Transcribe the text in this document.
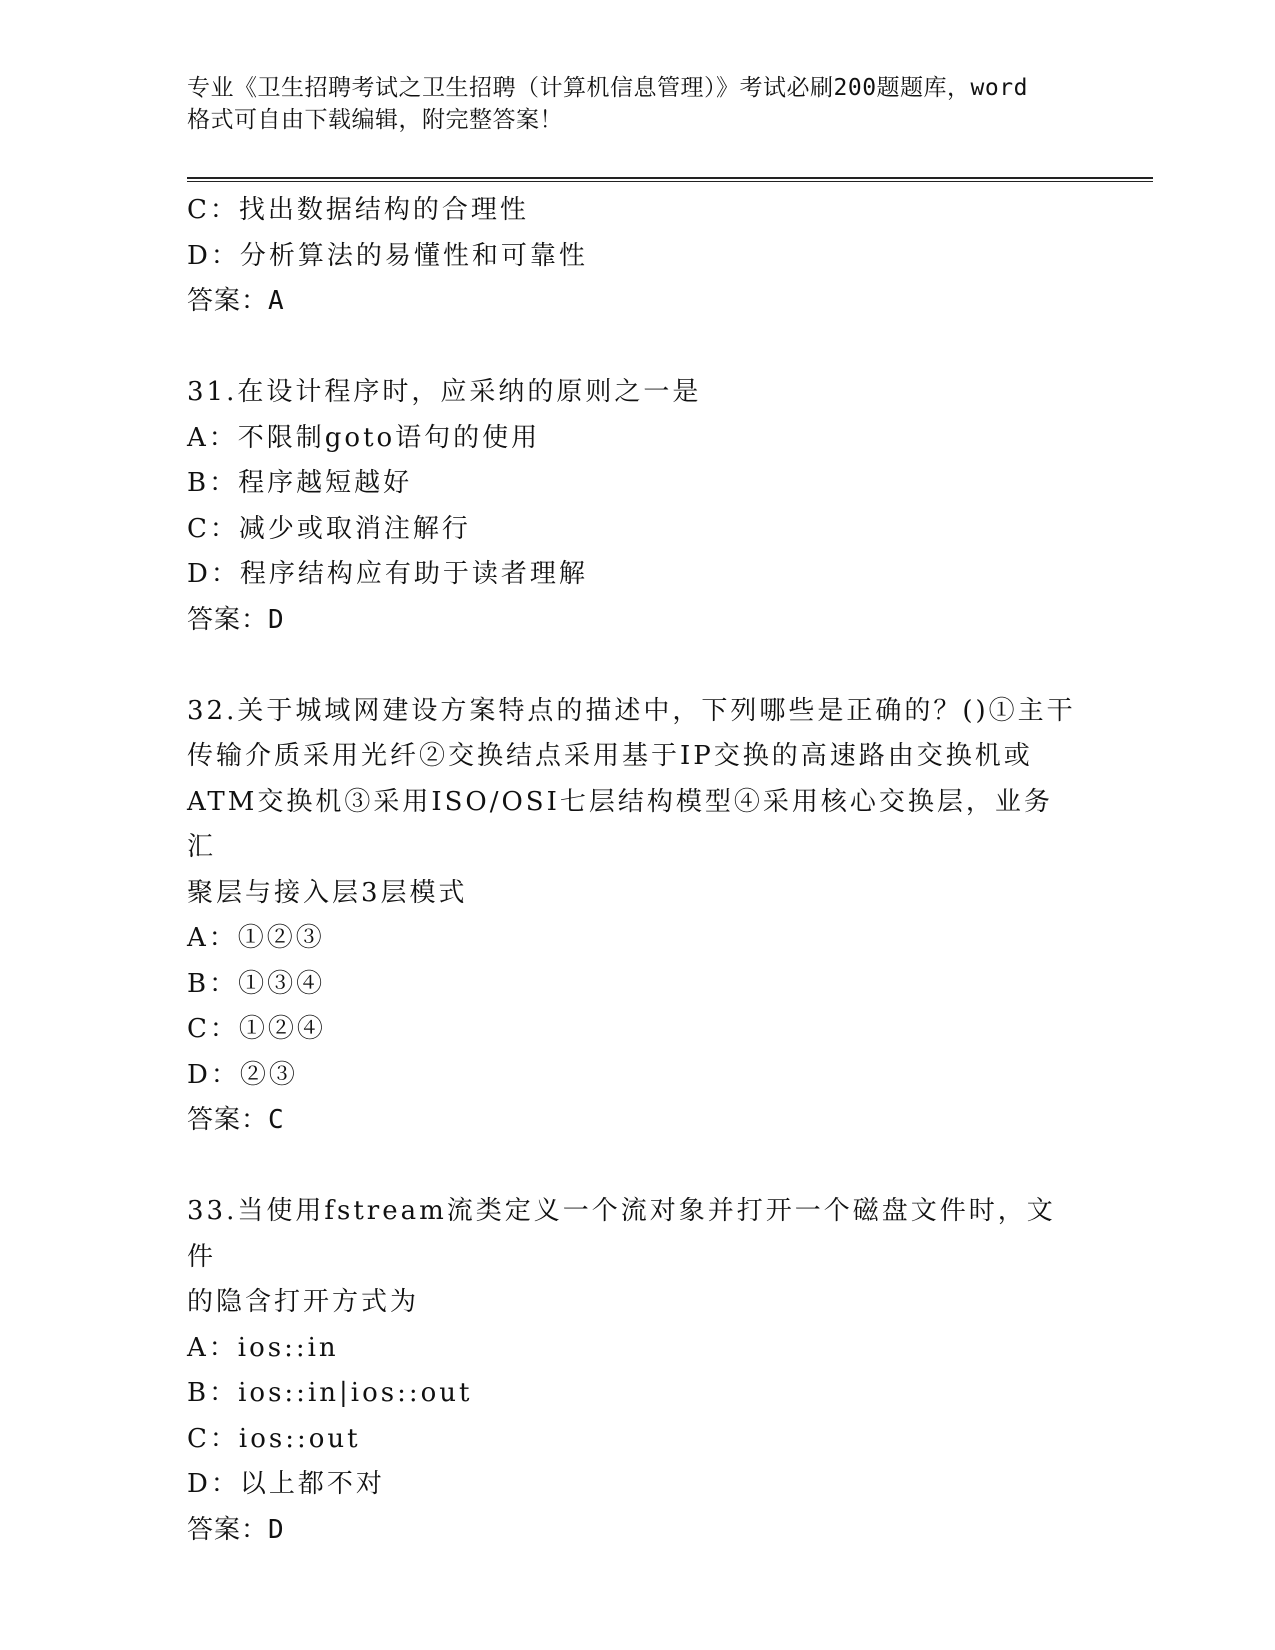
专业《卫生招聘考试之卫生招聘（计算机信息管理）》考试必刷200题题库，word
格式可自由下载编辑，附完整答案！
C：找出数据结构的合理性
D：分析算法的易懂性和可靠性
答案：A
31.在设计程序时，应采纳的原则之一是
A：不限制goto语句的使用
B：程序越短越好
C：减少或取消注解行
D：程序结构应有助于读者理解
答案：D
32.关于城域网建设方案特点的描述中，下列哪些是正确的？()①主干
传输介质采用光纤②交换结点采用基于IP交换的高速路由交换机或
ATM交换机③采用ISO/OSI七层结构模型④采用核心交换层，业务汇
聚层与接入层3层模式
A：①②③
B：①③④
C：①②④
D：②③
答案：C
33.当使用fstream流类定义一个流对象并打开一个磁盘文件时，文件
的隐含打开方式为
A：ios::in
B：ios::in|ios::out
C：ios::out
D：以上都不对
答案：D
